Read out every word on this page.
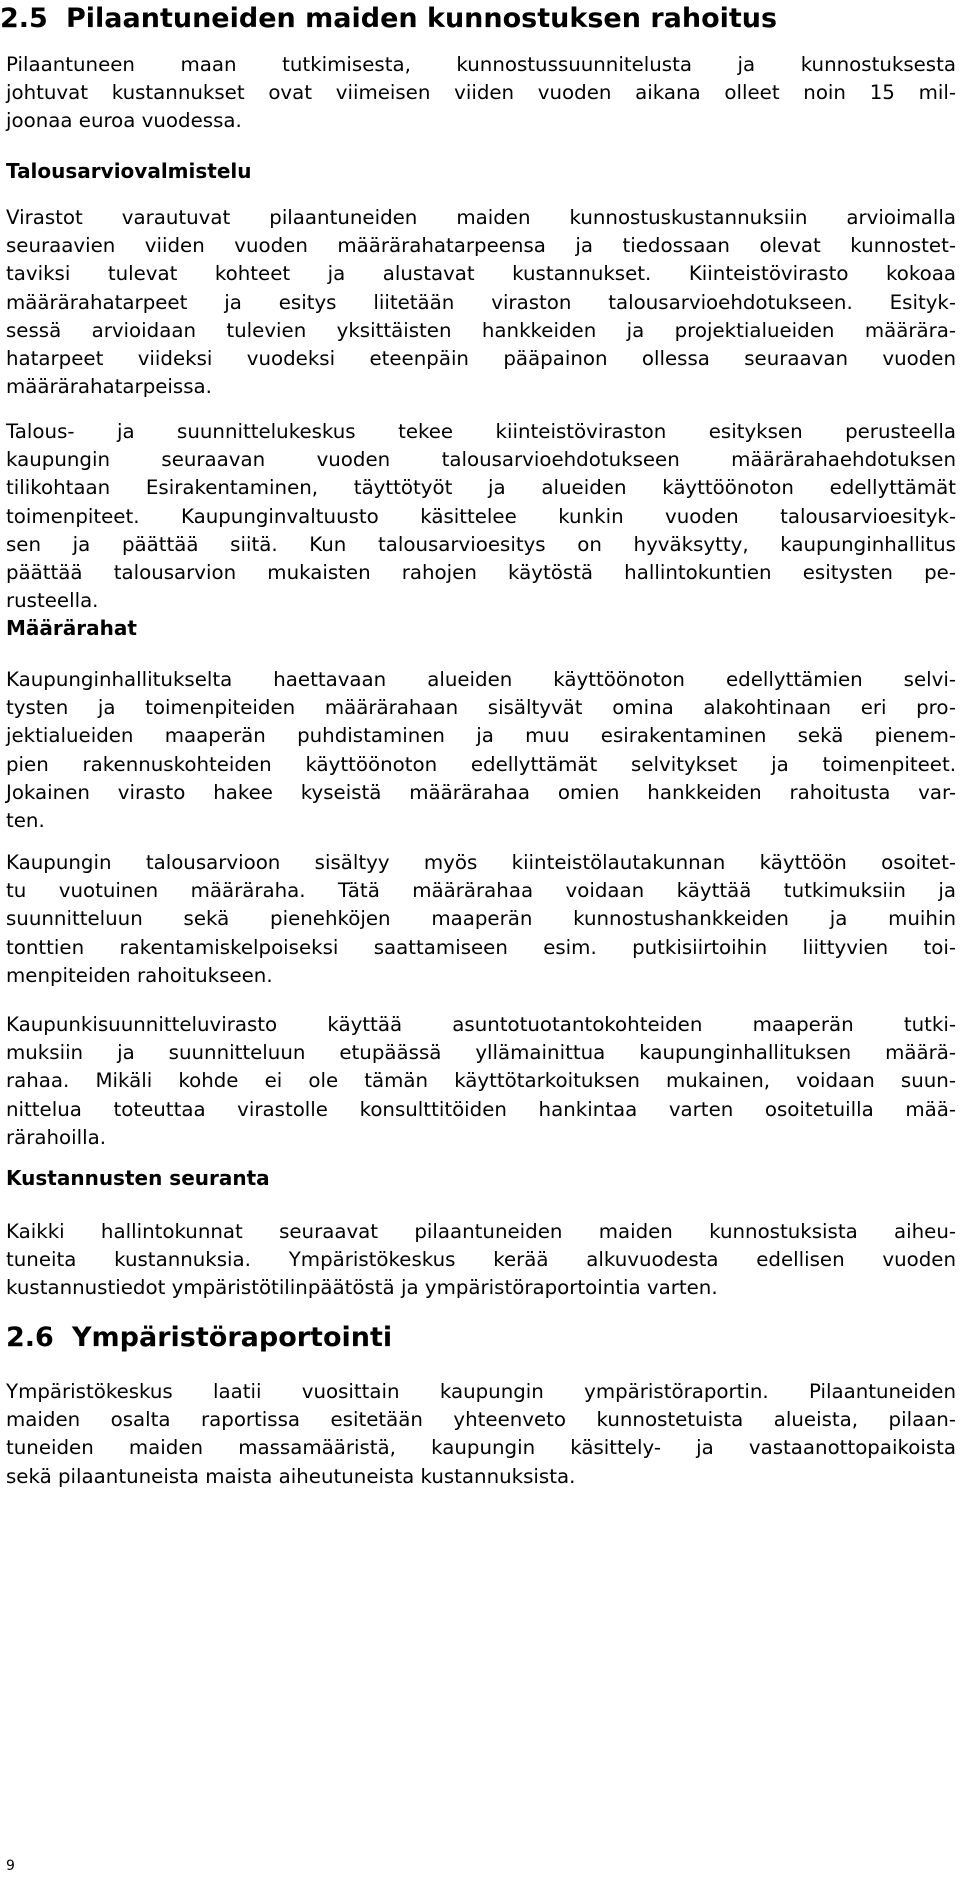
2.5 Pilaantuneiden maiden kunnostuksen rahoitus
Pilaantuneen maan tutkimisesta, kunnostussuunnitelusta ja kunnostuksesta
johtuvat kustannukset ovat viimeisen viiden vuoden aikana olleet noin 15 mil-
joonaa euroa vuodessa.
Talousarviovalmistelu
Virastot varautuvat pilaantuneiden maiden kunnostuskustannuksiin arvioimalla
seuraavien viiden vuoden määrärahatarpeensa ja tiedossaan olevat kunnostet-
taviksi tulevat kohteet ja alustavat kustannukset. Kiinteistövirasto kokoaa
määrärahatarpeet ja esitys liitetään viraston talousarvioehdotukseen. Esityk-
sessä arvioidaan tulevien yksittäisten hankkeiden ja projektialueiden määrära-
hatarpeet viideksi vuodeksi eteenpäin pääpainon ollessa seuraavan vuoden
määrärahatarpeissa.
Talous- ja suunnittelukeskus tekee kiinteistöviraston esityksen perusteella
kaupungin seuraavan vuoden talousarvioehdotukseen määrärahaehdotuksen
tilikohtaan Esirakentaminen, täyttötyöt ja alueiden käyttöönoton edellyttämät
toimenpiteet. Kaupunginvaltuusto käsittelee kunkin vuoden talousarvioesityk-
sen ja päättää siitä. Kun talousarvioesitys on hyväksytty, kaupunginhallitus
päättää talousarvion mukaisten rahojen käytöstä hallintokuntien esitysten pe-
rusteella.
Määrärahat
Kaupunginhallitukselta haettavaan alueiden käyttöönoton edellyttämien selvi-
tysten ja toimenpiteiden määrärahaan sisältyvät omina alakohtinaan eri pro-
jektialueiden maaperän puhdistaminen ja muu esirakentaminen sekä pienem-
pien rakennuskohteiden käyttöönoton edellyttämät selvitykset ja toimenpiteet.
Jokainen virasto hakee kyseistä määrärahaa omien hankkeiden rahoitusta var-
ten.
Kaupungin talousarvioon sisältyy myös kiinteistölautakunnan käyttöön osoitet-
tu vuotuinen määräraha. Tätä määrärahaa voidaan käyttää tutkimuksiin ja
suunnitteluun sekä pienehköjen maaperän kunnostushankkeiden ja muihin
tonttien rakentamiskelpoiseksi saattamiseen esim. putkisiirtoihin liittyvien toi-
menpiteiden rahoitukseen.
Kaupunkisuunnitteluvirasto käyttää asuntotuotantokohteiden maaperän tutki-
muksiin ja suunnitteluun etupäässä yllämainittua kaupunginhallituksen määrä-
rahaa. Mikäli kohde ei ole tämän käyttötarkoituksen mukainen, voidaan suun-
nittelua toteuttaa virastolle konsulttitöiden hankintaa varten osoitetuilla mää-
rärahoilla.
Kustannusten seuranta
Kaikki hallintokunnat seuraavat pilaantuneiden maiden kunnostuksista aiheu-
tuneita kustannuksia. Ympäristökeskus kerää alkuvuodesta edellisen vuoden
kustannustiedot ympäristötilinpäätöstä ja ympäristöraportointia varten.
2.6 Ympäristöraportointi
Ympäristökeskus laatii vuosittain kaupungin ympäristöraportin. Pilaantuneiden
maiden osalta raportissa esitetään yhteenveto kunnostetuista alueista, pilaan-
tuneiden maiden massamääristä, kaupungin käsittely- ja vastaanottopaikoista
sekä pilaantuneista maista aiheutuneista kustannuksista.
9
